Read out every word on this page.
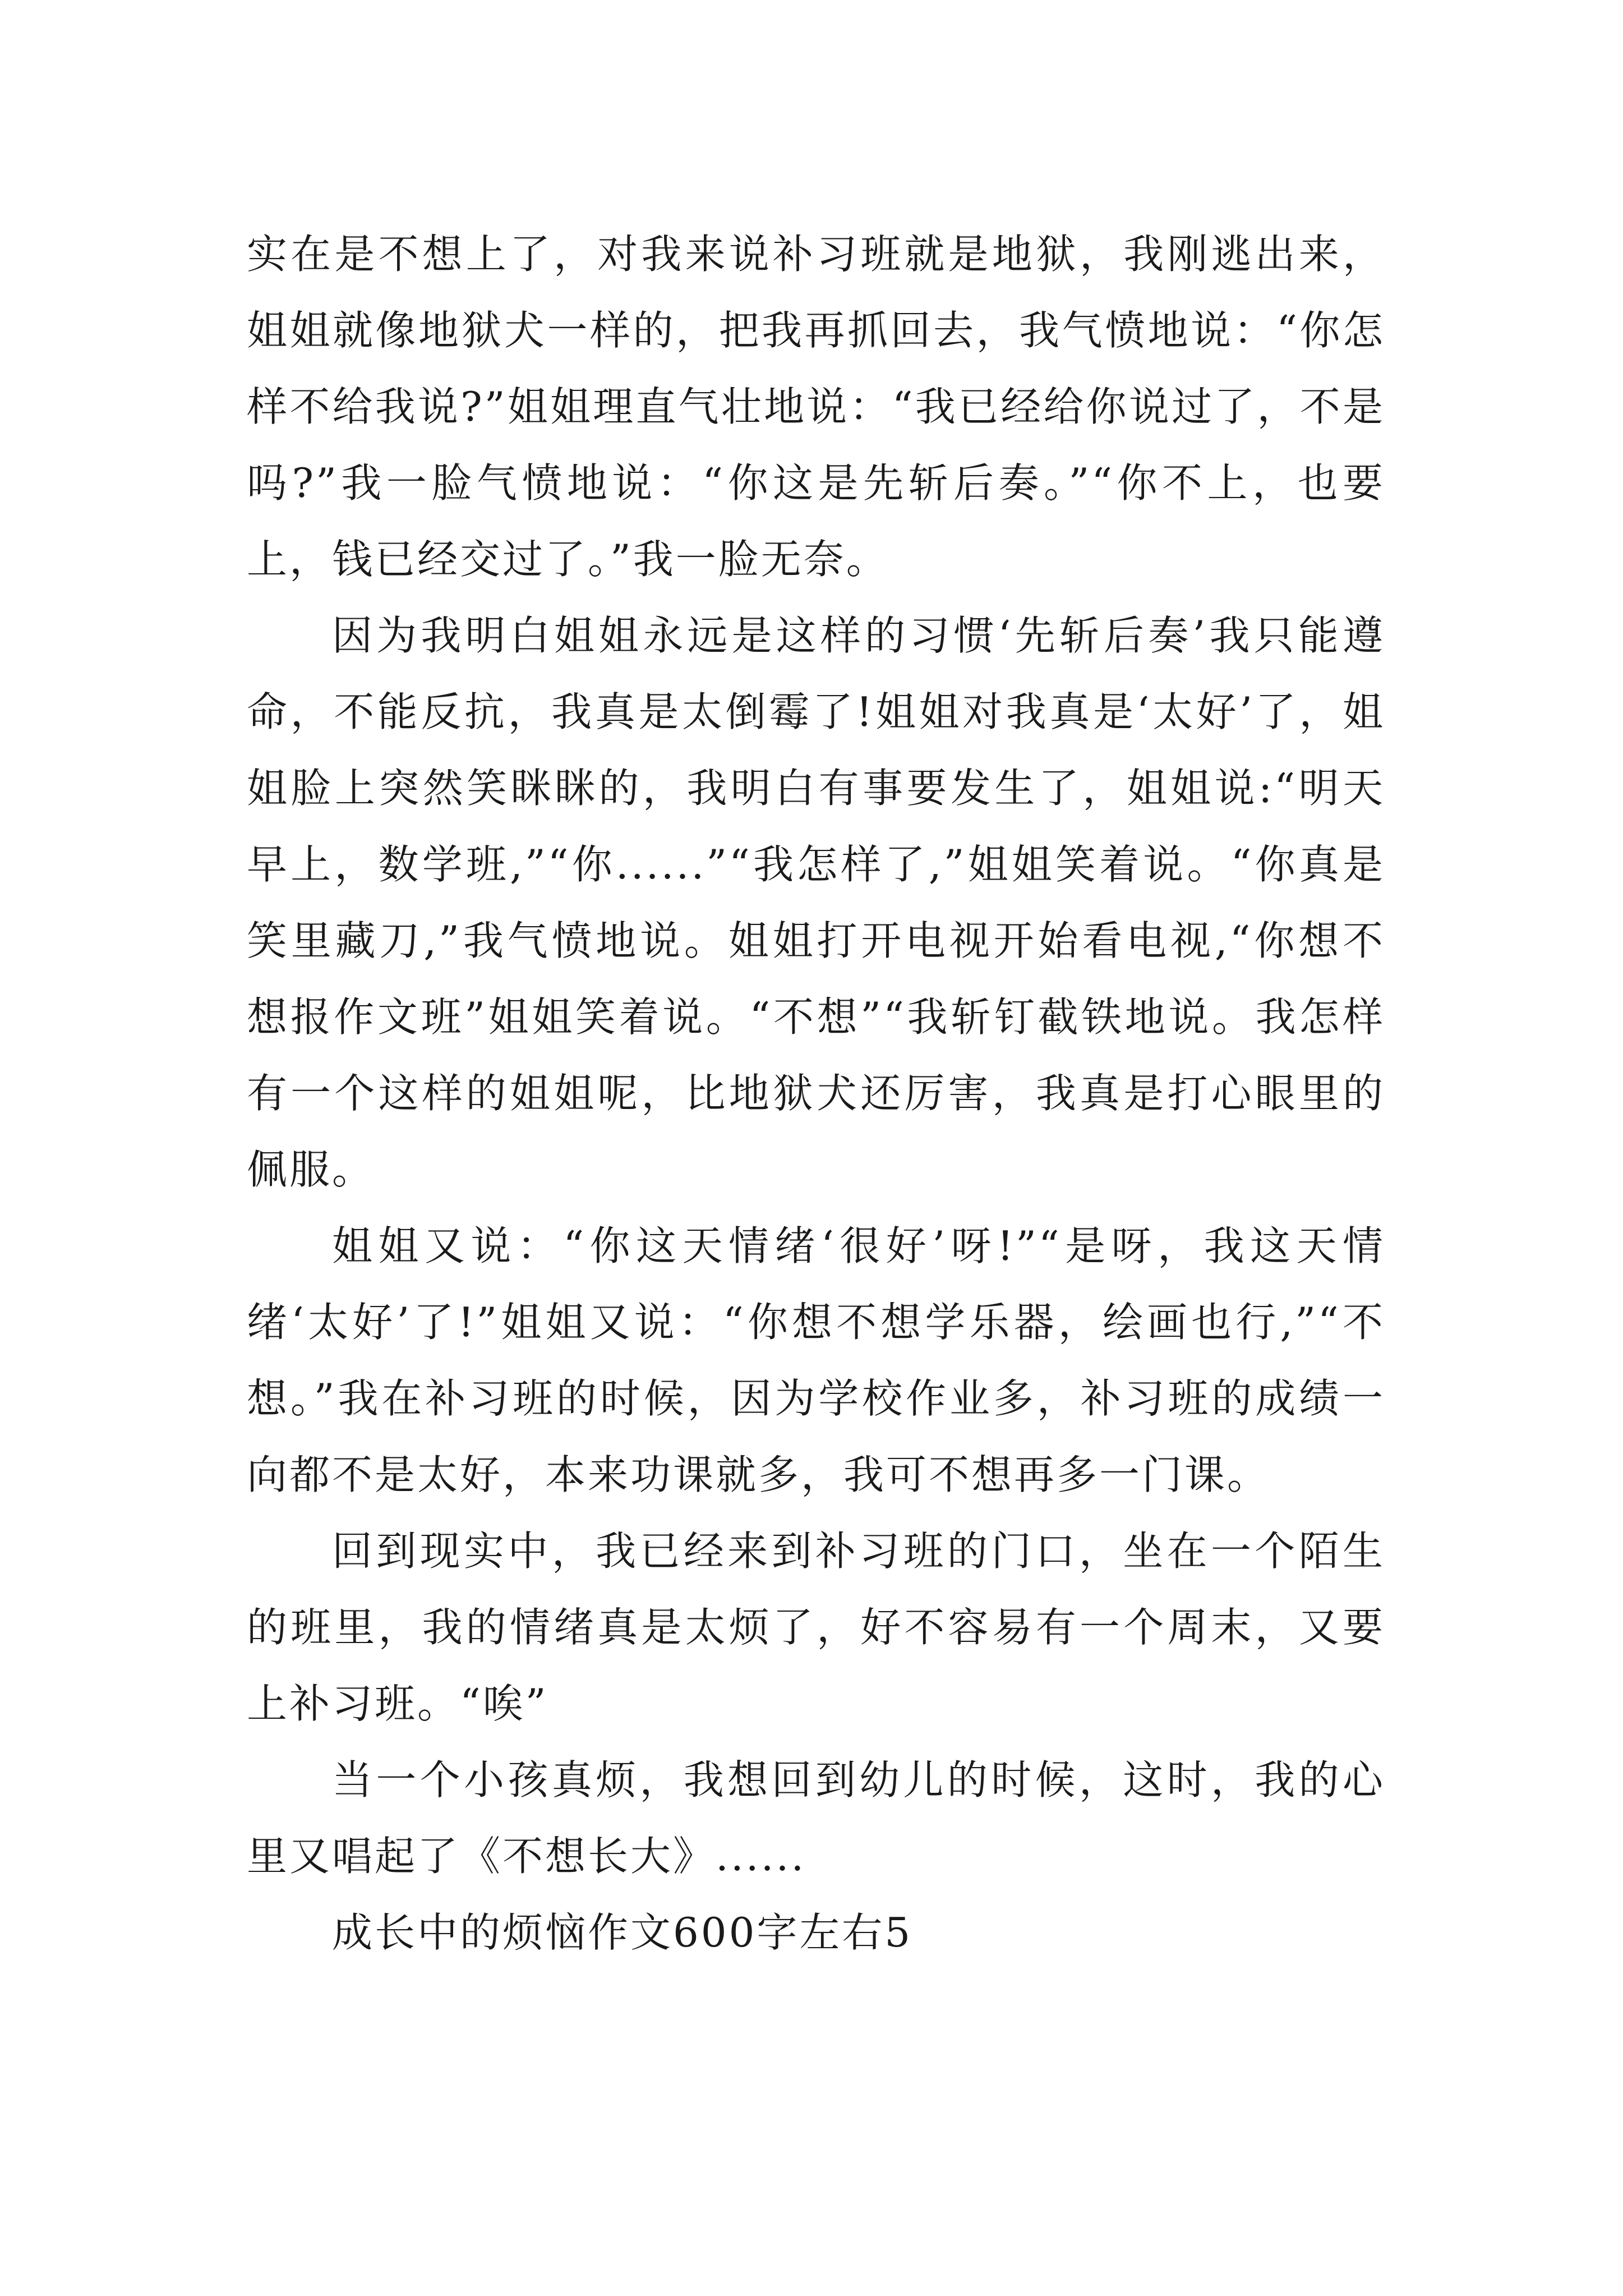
实在是不想上了，对我来说补习班就是地狱，我刚逃出来，姐姐就像地狱犬一样的，把我再抓回去，我气愤地说：“你怎样不给我说?”姐姐理直气壮地说：“我已经给你说过了，不是吗?”我一脸气愤地说：“你这是先斩后奏。”“你不上，也要上，钱已经交过了。”我一脸无奈。

因为我明白姐姐永远是这样的习惯‘先斩后奏’我只能遵命，不能反抗，我真是太倒霉了!姐姐对我真是‘太好’了，姐姐脸上突然笑眯眯的，我明白有事要发生了，姐姐说:“明天早上，数学班,”“你......”“我怎样了,”姐姐笑着说。“你真是笑里藏刀,”我气愤地说。姐姐打开电视开始看电视,“你想不想报作文班”姐姐笑着说。“不想”“我斩钉截铁地说。我怎样有一个这样的姐姐呢，比地狱犬还厉害，我真是打心眼里的佩服。

姐姐又说：“你这天情绪‘很好’呀!”“是呀，我这天情绪‘太好’了!”姐姐又说：“你想不想学乐器，绘画也行,”“不想。”我在补习班的时候，因为学校作业多，补习班的成绩一向都不是太好，本来功课就多，我可不想再多一门课。

回到现实中，我已经来到补习班的门口，坐在一个陌生的班里，我的情绪真是太烦了，好不容易有一个周末，又要上补习班。“唉”

当一个小孩真烦，我想回到幼儿的时候，这时，我的心里又唱起了《不想长大》......

成长中的烦恼作文600字左右5
